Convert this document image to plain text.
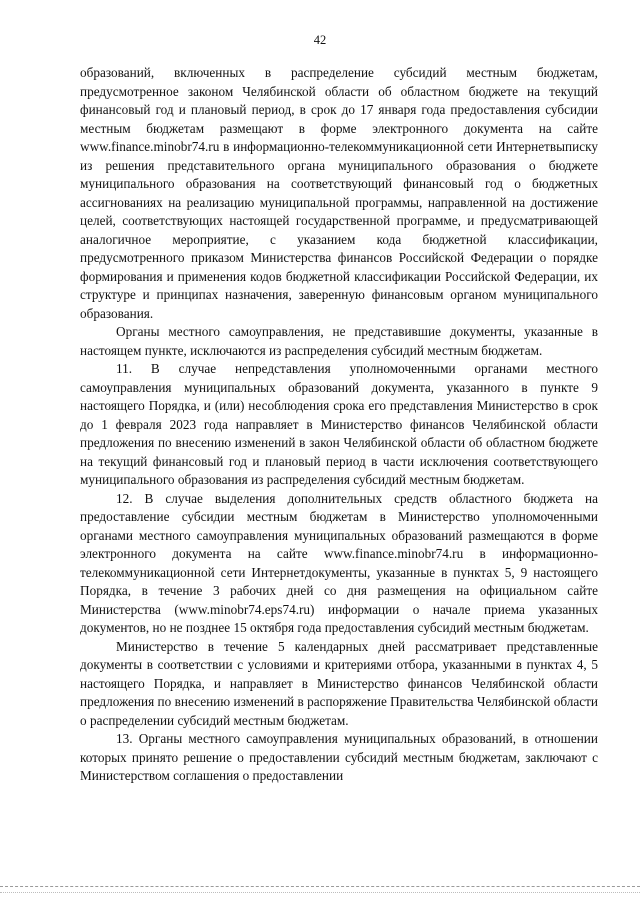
42

образований, включенных в распределение субсидий местным бюджетам, предусмотренное законом Челябинской области об областном бюджете на текущий финансовый год и плановый период, в срок до 17 января года предоставления субсидии местным бюджетам размещают в форме электронного документа на сайте www.finance.minobr74.ru в информационно-телекоммуникационной сети Интернетвыписку из решения представительного органа муниципального образования о бюджете муниципального образования на соответствующий финансовый год о бюджетных ассигнованиях на реализацию муниципальной программы, направленной на достижение целей, соответствующих настоящей государственной программе, и предусматривающей аналогичное мероприятие, с указанием кода бюджетной классификации, предусмотренного приказом Министерства финансов Российской Федерации о порядке формирования и применения кодов бюджетной классификации Российской Федерации, их структуре и принципах назначения, заверенную финансовым органом муниципального образования.

Органы местного самоуправления, не представившие документы, указанные в настоящем пункте, исключаются из распределения субсидий местным бюджетам.

11. В случае непредставления уполномоченными органами местного самоуправления муниципальных образований документа, указанного в пункте 9 настоящего Порядка, и (или) несоблюдения срока его представления Министерство в срок до 1 февраля 2023 года направляет в Министерство финансов Челябинской области предложения по внесению изменений в закон Челябинской области об областном бюджете на текущий финансовый год и плановый период в части исключения соответствующего муниципального образования из распределения субсидий местным бюджетам.

12. В случае выделения дополнительных средств областного бюджета на предоставление субсидии местным бюджетам в Министерство уполномоченными органами местного самоуправления муниципальных образований размещаются в форме электронного документа на сайте www.finance.minobr74.ru в информационно-телекоммуникационной сети Интернетдокументы, указанные в пунктах 5, 9 настоящего Порядка, в течение 3 рабочих дней со дня размещения на официальном сайте Министерства (www.minobr74.eps74.ru) информации о начале приема указанных документов, но не позднее 15 октября года предоставления субсидий местным бюджетам.

Министерство в течение 5 календарных дней рассматривает представленные документы в соответствии с условиями и критериями отбора, указанными в пунктах 4, 5 настоящего Порядка, и направляет в Министерство финансов Челябинской области предложения по внесению изменений в распоряжение Правительства Челябинской области о распределении субсидий местным бюджетам.

13. Органы местного самоуправления муниципальных образований, в отношении которых принято решение о предоставлении субсидий местным бюджетам, заключают с Министерством соглашения о предоставлении
